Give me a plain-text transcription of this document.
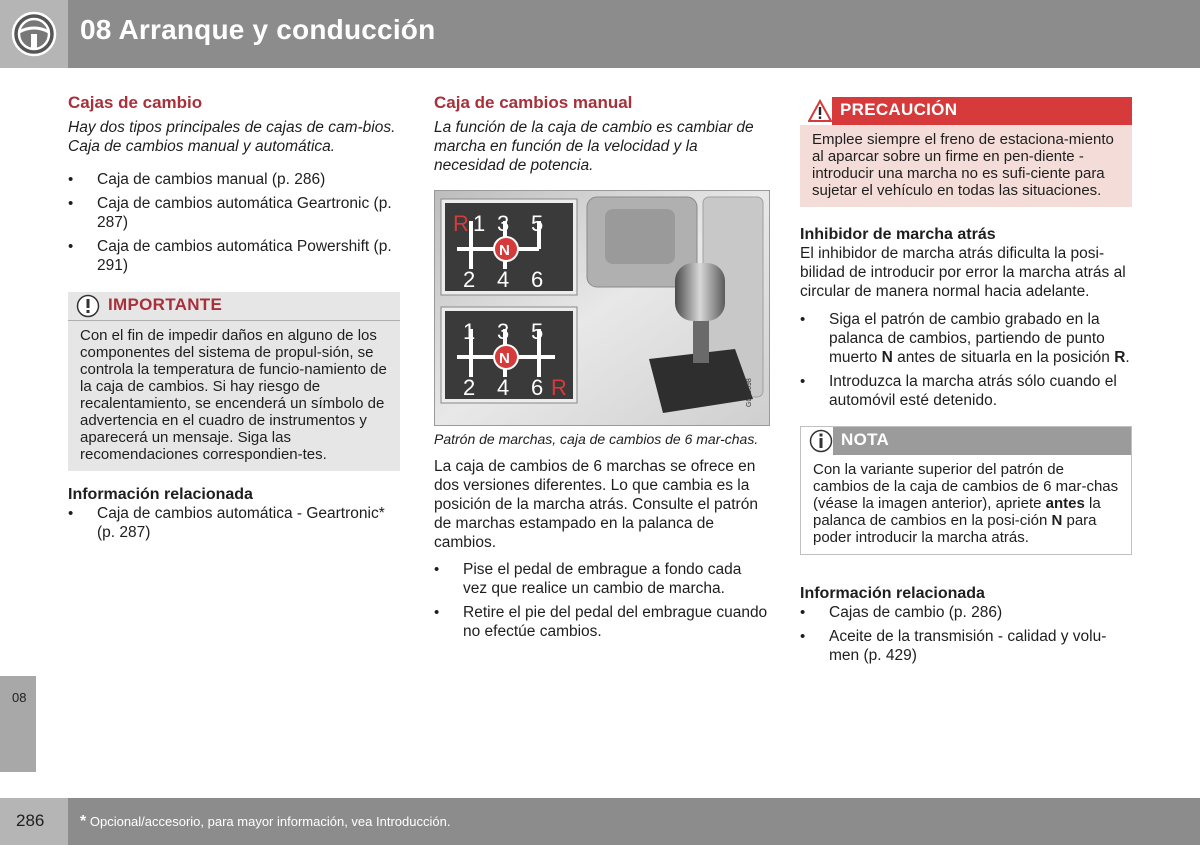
08 Arranque y conducción
08
Cajas de cambio

Hay dos tipos principales de cajas de cam-bios. Caja de cambios manual y automática.

• Caja de cambios manual (p. 286)
• Caja de cambios automática Geartronic (p. 287)
• Caja de cambios automática Powershift (p. 291)
IMPORTANTE
Con el fin de impedir daños en alguno de los componentes del sistema de propul-sión, se controla la temperatura de funcio-namiento de la caja de cambios. Si hay riesgo de recalentamiento, se encenderá un símbolo de advertencia en el cuadro de instrumentos y aparecerá un mensaje. Siga las recomendaciones correspondien-tes.
Información relacionada
• Caja de cambios automática - Geartronic* (p. 287)
Caja de cambios manual

La función de la caja de cambio es cambiar de marcha en función de la velocidad y la necesidad de potencia.

R 1 3 5
2 4 6
N
1 3 5
2 4 6 R
N
G049098

Patrón de marchas, caja de cambios de 6 mar-chas.

La caja de cambios de 6 marchas se ofrece en dos versiones diferentes. Lo que cambia es la posición de la marcha atrás. Consulte el patrón de marchas estampado en la palanca de cambios.

• Pise el pedal de embrague a fondo cada vez que realice un cambio de marcha.
• Retire el pie del pedal del embrague cuando no efectúe cambios.
PRECAUCIÓN
Emplee siempre el freno de estaciona-miento al aparcar sobre un firme en pen-diente - introducir una marcha no es sufi-ciente para sujetar el vehículo en todas las situaciones.
Inhibidor de marcha atrás

El inhibidor de marcha atrás dificulta la posi-bilidad de introducir por error la marcha atrás al circular de manera normal hacia adelante.

• Siga el patrón de cambio grabado en la palanca de cambios, partiendo de punto muerto N antes de situarla en la posición R.
• Introduzca la marcha atrás sólo cuando el automóvil esté detenido.
NOTA
Con la variante superior del patrón de cambios de la caja de cambios de 6 mar-chas (véase la imagen anterior), apriete antes la palanca de cambios en la posi-ción N para poder introducir la marcha atrás.
Información relacionada
• Cajas de cambio (p. 286)
• Aceite de la transmisión - calidad y volu-men (p. 429)
286 * Opcional/accesorio, para mayor información, vea Introducción.
